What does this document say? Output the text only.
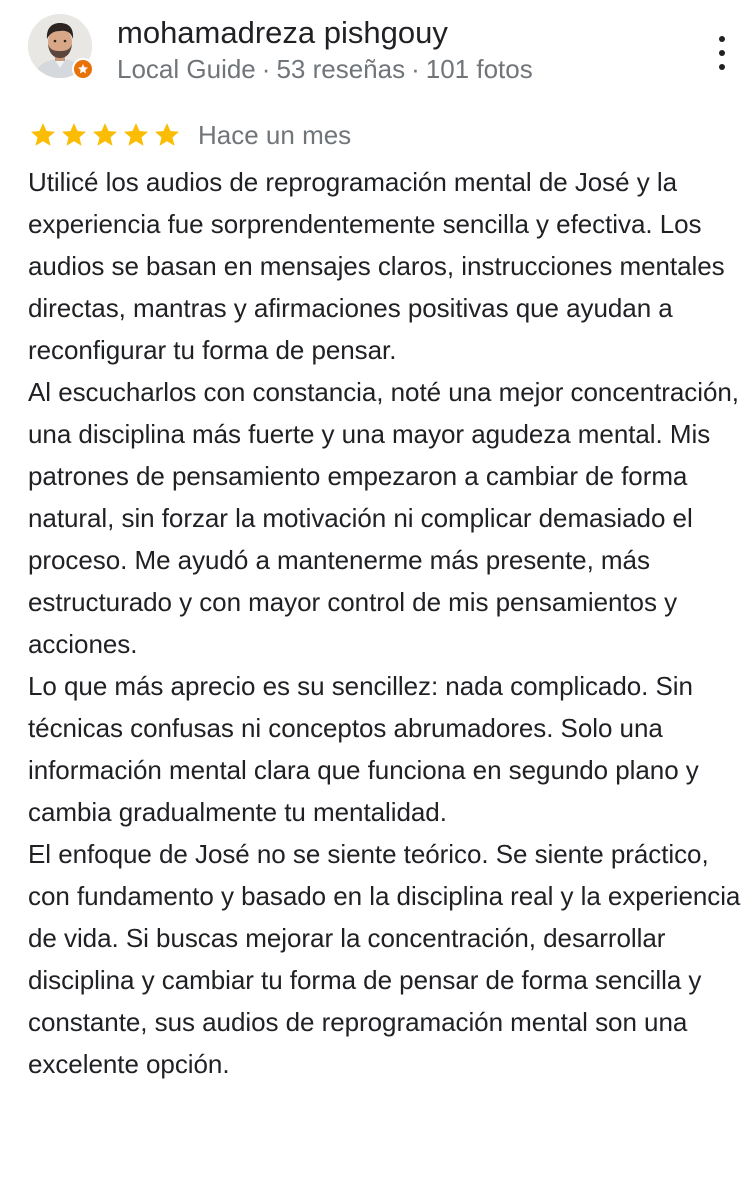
mohamadreza pishgouy
Local Guide · 53 reseñas · 101 fotos
Hace un mes

Utilicé los audios de reprogramación mental de José y la experiencia fue sorprendentemente sencilla y efectiva. Los audios se basan en mensajes claros, instrucciones mentales directas, mantras y afirmaciones positivas que ayudan a reconfigurar tu forma de pensar.

Al escucharlos con constancia, noté una mejor concentración, una disciplina más fuerte y una mayor agudeza mental. Mis patrones de pensamiento empezaron a cambiar de forma natural, sin forzar la motivación ni complicar demasiado el proceso. Me ayudó a mantenerme más presente, más estructurado y con mayor control de mis pensamientos y acciones.

Lo que más aprecio es su sencillez: nada complicado. Sin técnicas confusas ni conceptos abrumadores. Solo una información mental clara que funciona en segundo plano y cambia gradualmente tu mentalidad.

El enfoque de José no se siente teórico. Se siente práctico, con fundamento y basado en la disciplina real y la experiencia de vida. Si buscas mejorar la concentración, desarrollar disciplina y cambiar tu forma de pensar de forma sencilla y constante, sus audios de reprogramación mental son una excelente opción.
